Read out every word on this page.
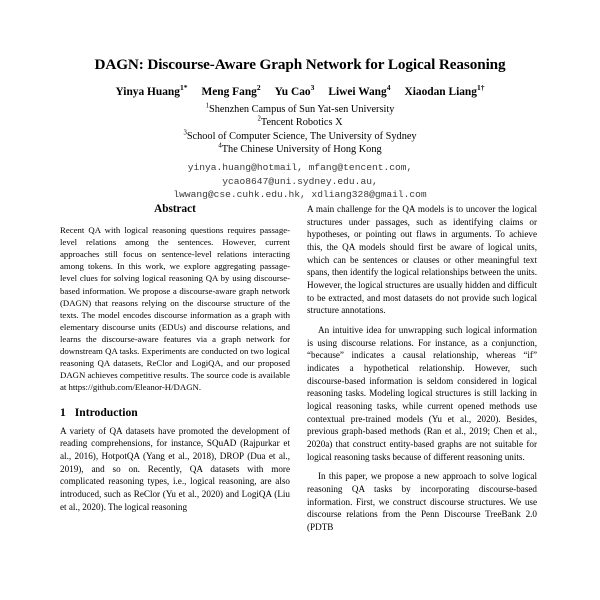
DAGN: Discourse-Aware Graph Network for Logical Reasoning
Yinya Huang$^{1*}$ Meng Fang$^2$ Yu Cao$^3$ Liwei Wang$^4$ Xiaodan Liang$^{1\dagger}$
$^1$Shenzhen Campus of Sun Yat-sen University
$^2$Tencent Robotics X
$^3$School of Computer Science, The University of Sydney
$^4$The Chinese University of Hong Kong
yinya.huang@hotmail, mfang@tencent.com,
ycao8647@uni.sydney.edu.au,
lwwang@cse.cuhk.edu.hk, xdliang328@gmail.com
Abstract

Recent QA with logical reasoning questions requires passage-level relations among the sentences. However, current approaches still focus on sentence-level relations interacting among tokens. In this work, we explore aggregating passage-level clues for solving logical reasoning QA by using discourse-based information. We propose a discourse-aware graph network (DAGN) that reasons relying on the discourse structure of the texts. The model encodes discourse information as a graph with elementary discourse units (EDUs) and discourse relations, and learns the discourse-aware features via a graph network for downstream QA tasks. Experiments are conducted on two logical reasoning QA datasets, ReClor and LogiQA, and our proposed DAGN achieves competitive results. The source code is available at https://github.com/Eleanor-H/DAGN.

1 Introduction

A variety of QA datasets have promoted the development of reading comprehensions, for instance, SQuAD (Rajpurkar et al., 2016), HotpotQA (Yang et al., 2018), DROP (Dua et al., 2019), and so on. Recently, QA datasets with more complicated reasoning types, i.e., logical reasoning, are also introduced, such as ReClor (Yu et al., 2020) and LogiQA (Liu et al., 2020). The logical reasoning

A main challenge for the QA models is to uncover the logical structures under passages, such as identifying claims or hypotheses, or pointing out flaws in arguments. To achieve this, the QA models should first be aware of logical units, which can be sentences or clauses or other meaningful text spans, then identify the logical relationships between the units. However, the logical structures are usually hidden and difficult to be extracted, and most datasets do not provide such logical structure annotations.

An intuitive idea for unwrapping such logical information is using discourse relations. For instance, as a conjunction, “because” indicates a causal relationship, whereas “if” indicates a hypothetical relationship. However, such discourse-based information is seldom considered in logical reasoning tasks. Modeling logical structures is still lacking in logical reasoning tasks, while current opened methods use contextual pre-trained models (Yu et al., 2020). Besides, previous graph-based methods (Ran et al., 2019; Chen et al., 2020a) that construct entity-based graphs are not suitable for logical reasoning tasks because of different reasoning units.

In this paper, we propose a new approach to solve logical reasoning QA tasks by incorporating discourse-based information. First, we construct discourse structures. We use discourse relations from the Penn Discourse TreeBank 2.0 (PDTB
